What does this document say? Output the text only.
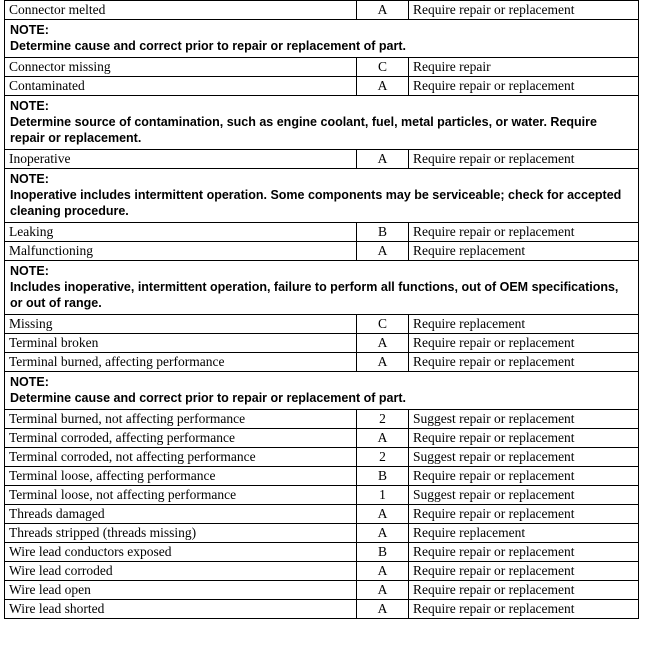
Connector melted	A	Require repair or replacement

NOTE:
Determine cause and correct prior to repair or replacement of part.		

Connector missing	C	Require repair
Contaminated	A	Require repair or replacement

NOTE:
Determine source of contamination, such as engine coolant, fuel, metal particles, or water. Require repair or replacement.		

Inoperative	A	Require repair or replacement

NOTE:
Inoperative includes intermittent operation. Some components may be serviceable; check for accepted cleaning procedure.		

Leaking	B	Require repair or replacement
Malfunctioning	A	Require replacement

NOTE:
Includes inoperative, intermittent operation, failure to perform all functions, out of OEM specifications, or out of range.		

Missing	C	Require replacement
Terminal broken	A	Require repair or replacement
Terminal burned, affecting performance	A	Require repair or replacement

NOTE:
Determine cause and correct prior to repair or replacement of part.		

Terminal burned, not affecting performance	2	Suggest repair or replacement
Terminal corroded, affecting performance	A	Require repair or replacement
Terminal corroded, not affecting performance	2	Suggest repair or replacement
Terminal loose, affecting performance	B	Require repair or replacement
Terminal loose, not affecting performance	1	Suggest repair or replacement
Threads damaged	A	Require repair or replacement
Threads stripped (threads missing)	A	Require replacement
Wire lead conductors exposed	B	Require repair or replacement
Wire lead corroded	A	Require repair or replacement
Wire lead open	A	Require repair or replacement
Wire lead shorted	A	Require repair or replacement
